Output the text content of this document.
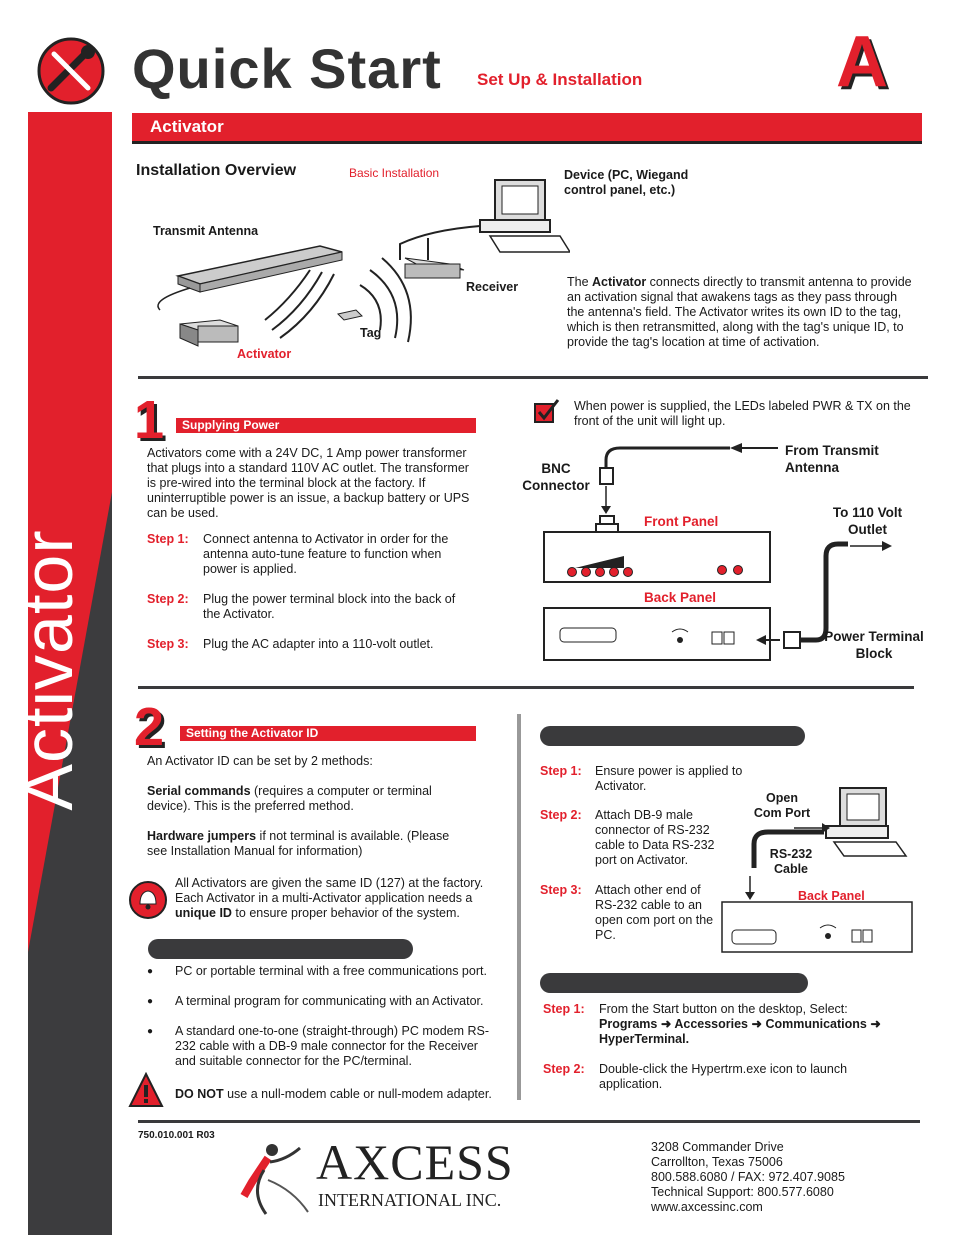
Activator
Quick Start Set Up & Installation	A
Activator
Installation Overview	Basic Installation	Device (PC, Wiegand control panel, etc.)
Transmit Antenna
Receiver
Tag
Activator
The Activator connects directly to transmit antenna to provide an activation signal that awakens tags as they pass through the antenna's field. The Activator writes its own ID to the tag, which is then retransmitted, along with the tag's unique ID, to provide the tag's location at time of activation.
1	Supplying Power
Activators come with a 24V DC, 1 Amp power transformer that plugs into a standard 110V AC outlet. The transformer is pre-wired into the terminal block at the factory. If uninterruptible power is an issue, a backup battery or UPS can be used.
Step 1: Connect antenna to Activator in order for the antenna auto-tune feature to function when power is applied.
Step 2: Plug the power terminal block into the back of the Activator.
Step 3: Plug the AC adapter into a 110-volt outlet.
When power is supplied, the LEDs labeled PWR & TX on the front of the unit will light up.
From Transmit Antenna
BNC Connector
Front Panel
Back Panel
To 110 Volt Outlet
Power Terminal Block
2	Setting the Activator ID
An Activator ID can be set by 2 methods:
Serial commands (requires a computer or terminal device). This is the preferred method.
Hardware jumpers if not terminal is available. (Please see Installation Manual for information)
All Activators are given the same ID (127) at the factory. Each Activator in a multi-Activator application needs a unique ID to ensure proper behavior of the system.
● PC or portable terminal with a free communications port.
● A terminal program for communicating with an Activator.
● A standard one-to-one (straight-through) PC modem RS-232 cable with a DB-9 male connector for the Receiver and suitable connector for the PC/terminal.
DO NOT use a null-modem cable or null-modem adapter.
Step 1: Ensure power is applied to Activator.
Step 2: Attach DB-9 male connector of RS-232 cable to Data RS-232 port on Activator.
Step 3: Attach other end of RS-232 cable to an open com port on the PC.
Open Com Port
RS-232 Cable
Back Panel
Step 1: From the Start button on the desktop, Select:
Programs ➜ Accessories ➜ Communications ➜
HyperTerminal.
Step 2: Double-click the Hypertrm.exe icon to launch application.
750.010.001 R03 AXCESS
INTERNATIONAL INC.
3208 Commander Drive
Carrollton, Texas 75006
800.588.6080 / FAX: 972.407.9085
Technical Support: 800.577.6080
www.axcessinc.com
